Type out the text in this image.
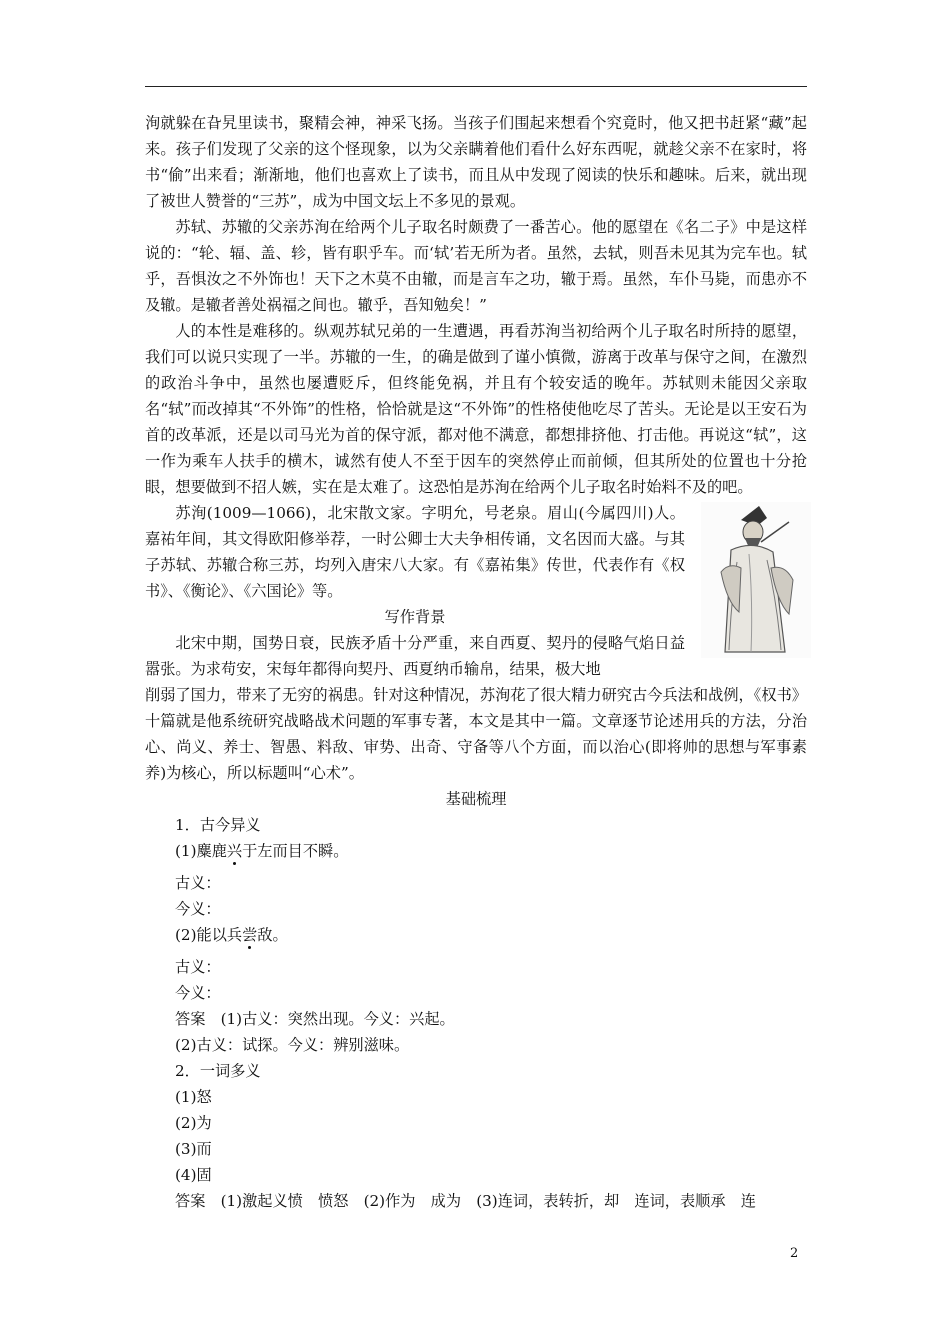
洵就躲在旮旯里读书，聚精会神，神采飞扬。当孩子们围起来想看个究竟时，他又把书赶紧“藏”起来。孩子们发现了父亲的这个怪现象，以为父亲瞒着他们看什么好东西呢，就趁父亲不在家时，将书“偷”出来看；渐渐地，他们也喜欢上了读书，而且从中发现了阅读的快乐和趣味。后来，就出现了被世人赞誉的“三苏”，成为中国文坛上不多见的景观。

苏轼、苏辙的父亲苏洵在给两个儿子取名时颇费了一番苦心。他的愿望在《名二子》中是这样说的：“轮、辐、盖、轸，皆有职乎车。而‘轼’若无所为者。虽然，去轼，则吾未见其为完车也。轼乎，吾惧汝之不外饰也！天下之木莫不由辙，而是言车之功，辙于焉。虽然，车仆马毙，而患亦不及辙。是辙者善处祸福之间也。辙乎，吾知勉矣！”

人的本性是难移的。纵观苏轼兄弟的一生遭遇，再看苏洵当初给两个儿子取名时所持的愿望，我们可以说只实现了一半。苏辙的一生，的确是做到了谨小慎微，游离于改革与保守之间，在激烈的政治斗争中，虽然也屡遭贬斥，但终能免祸，并且有个较安适的晚年。苏轼则未能因父亲取名“轼”而改掉其“不外饰”的性格，恰恰就是这“不外饰”的性格使他吃尽了苦头。无论是以王安石为首的改革派，还是以司马光为首的保守派，都对他不满意，都想排挤他、打击他。再说这“轼”，这一作为乘车人扶手的横木，诚然有使人不至于因车的突然停止而前倾，但其所处的位置也十分抢眼，想要做到不招人嫉，实在是太难了。这恐怕是苏洵在给两个儿子取名时始料不及的吧。

苏洵(1009—1066)，北宋散文家。字明允，号老泉。眉山(今属四川)人。嘉祐年间，其文得欧阳修举荐，一时公卿士大夫争相传诵，文名因而大盛。与其子苏轼、苏辙合称三苏，均列入唐宋八大家。有《嘉祐集》传世，代表作有《权书》、《衡论》、《六国论》等。

写作背景

北宋中期，国势日衰，民族矛盾十分严重，来自西夏、契丹的侵略气焰日益嚣张。为求苟安，宋每年都得向契丹、西夏纳币输帛，结果，极大地

削弱了国力，带来了无穷的祸患。针对这种情况，苏洵花了很大精力研究古今兵法和战例，《权书》十篇就是他系统研究战略战术问题的军事专著，本文是其中一篇。文章逐节论述用兵的方法，分治心、尚义、养士、智愚、料敌、审势、出奇、守备等八个方面，而以治心(即将帅的思想与军事素养)为核心，所以标题叫“心术”。

基础梳理

1．古今异义

(1)麋鹿兴于左而目不瞬。

古义：

今义：

(2)能以兵尝敌。

古义：

今义：

答案　(1)古义：突然出现。今义：兴起。

(2)古义：试探。今义：辨别滋味。

2．一词多义

(1)怒

(2)为

(3)而

(4)固

答案　(1)激起义愤　愤怒　(2)作为　成为　(3)连词，表转折，却　连词，表顺承　连

2
